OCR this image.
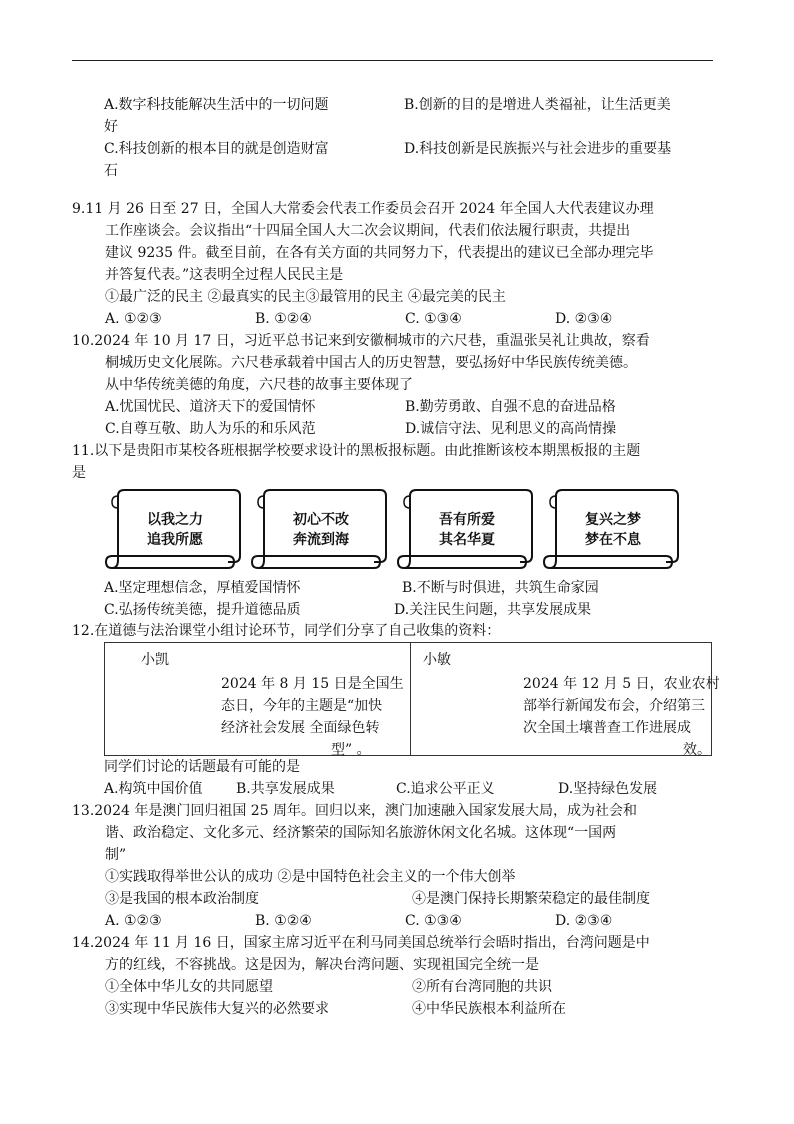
A.数字科技能解决生活中的一切问题	B.创新的目的是增进人类福祉，让生活更美
好
C.科技创新的根本目的就是创造财富	D.科技创新是民族振兴与社会进步的重要基
石

9.11 月 26 日至 27 日，全国人大常委会代表工作委员会召开 2024 年全国人大代表建议办理

工作座谈会。会议指出“十四届全国人大二次会议期间，代表们依法履行职责，共提出

建议 9235 件。截至目前，在各有关方面的共同努力下，代表提出的建议已全部办理完毕

并答复代表。”这表明全过程人民民主是

①最广泛的民主 ②最真实的民主③最管用的民主 ④最完美的民主

A. ①②③	B. ①②④	C. ①③④	D. ②③④

10.2024 年 10 月 17 日，习近平总书记来到安徽桐城市的六尺巷，重温张吴礼让典故，察看

桐城历史文化展陈。六尺巷承载着中国古人的历史智慧，要弘扬好中华民族传统美德。

从中华传统美德的角度，六尺巷的故事主要体现了

A.忧国忧民、道济天下的爱国情怀	B.勤劳勇敢、自强不息的奋进品格
C.自尊互敬、助人为乐的和乐风范	D.诚信守法、见利思义的高尚情操

11.以下是贵阳市某校各班根据学校要求设计的黑板报标题。由此推断该校本期黑板报的主题

是

以我之力
追我所愿
初心不改
奔流到海
吾有所爱
其名华夏
复兴之梦
梦在不息
A.坚定理想信念，厚植爱国情怀	B.不断与时俱进，共筑生命家园
C.弘扬传统美德，提升道德品质	D.关注民生问题，共享发展成果
12.在道德与法治课堂小组讨论环节，同学们分享了自己收集的资料：
小凯
2024 年 8 月 15 日是全国生
态日，今年的主题是“加快
经济社会发展 全面绿色转
型” 。
小敏
2024 年 12 月 5 日，农业农村
部举行新闻发布会，介绍第三
次全国土壤普查工作进展成
效。

同学们讨论的话题最有可能的是

A.构筑中国价值 B.共享发展成果	C.追求公平正义	D.坚持绿色发展

13.2024 年是澳门回归祖国 25 周年。回归以来，澳门加速融入国家发展大局，成为社会和

谐、政治稳定、文化多元、经济繁荣的国际知名旅游休闲文化名城。这体现“一国两

制”

①实践取得举世公认的成功 ②是中国特色社会主义的一个伟大创举

③是我国的根本政治制度	④是澳门保持长期繁荣稳定的最佳制度
A. ①②③	B. ①②④	C. ①③④	D. ②③④

14.2024 年 11 月 16 日，国家主席习近平在利马同美国总统举行会晤时指出，台湾问题是中

方的红线，不容挑战。这是因为，解决台湾问题、实现祖国完全统一是

①全体中华儿女的共同愿望	②所有台湾同胞的共识
③实现中华民族伟大复兴的必然要求	④中华民族根本利益所在
